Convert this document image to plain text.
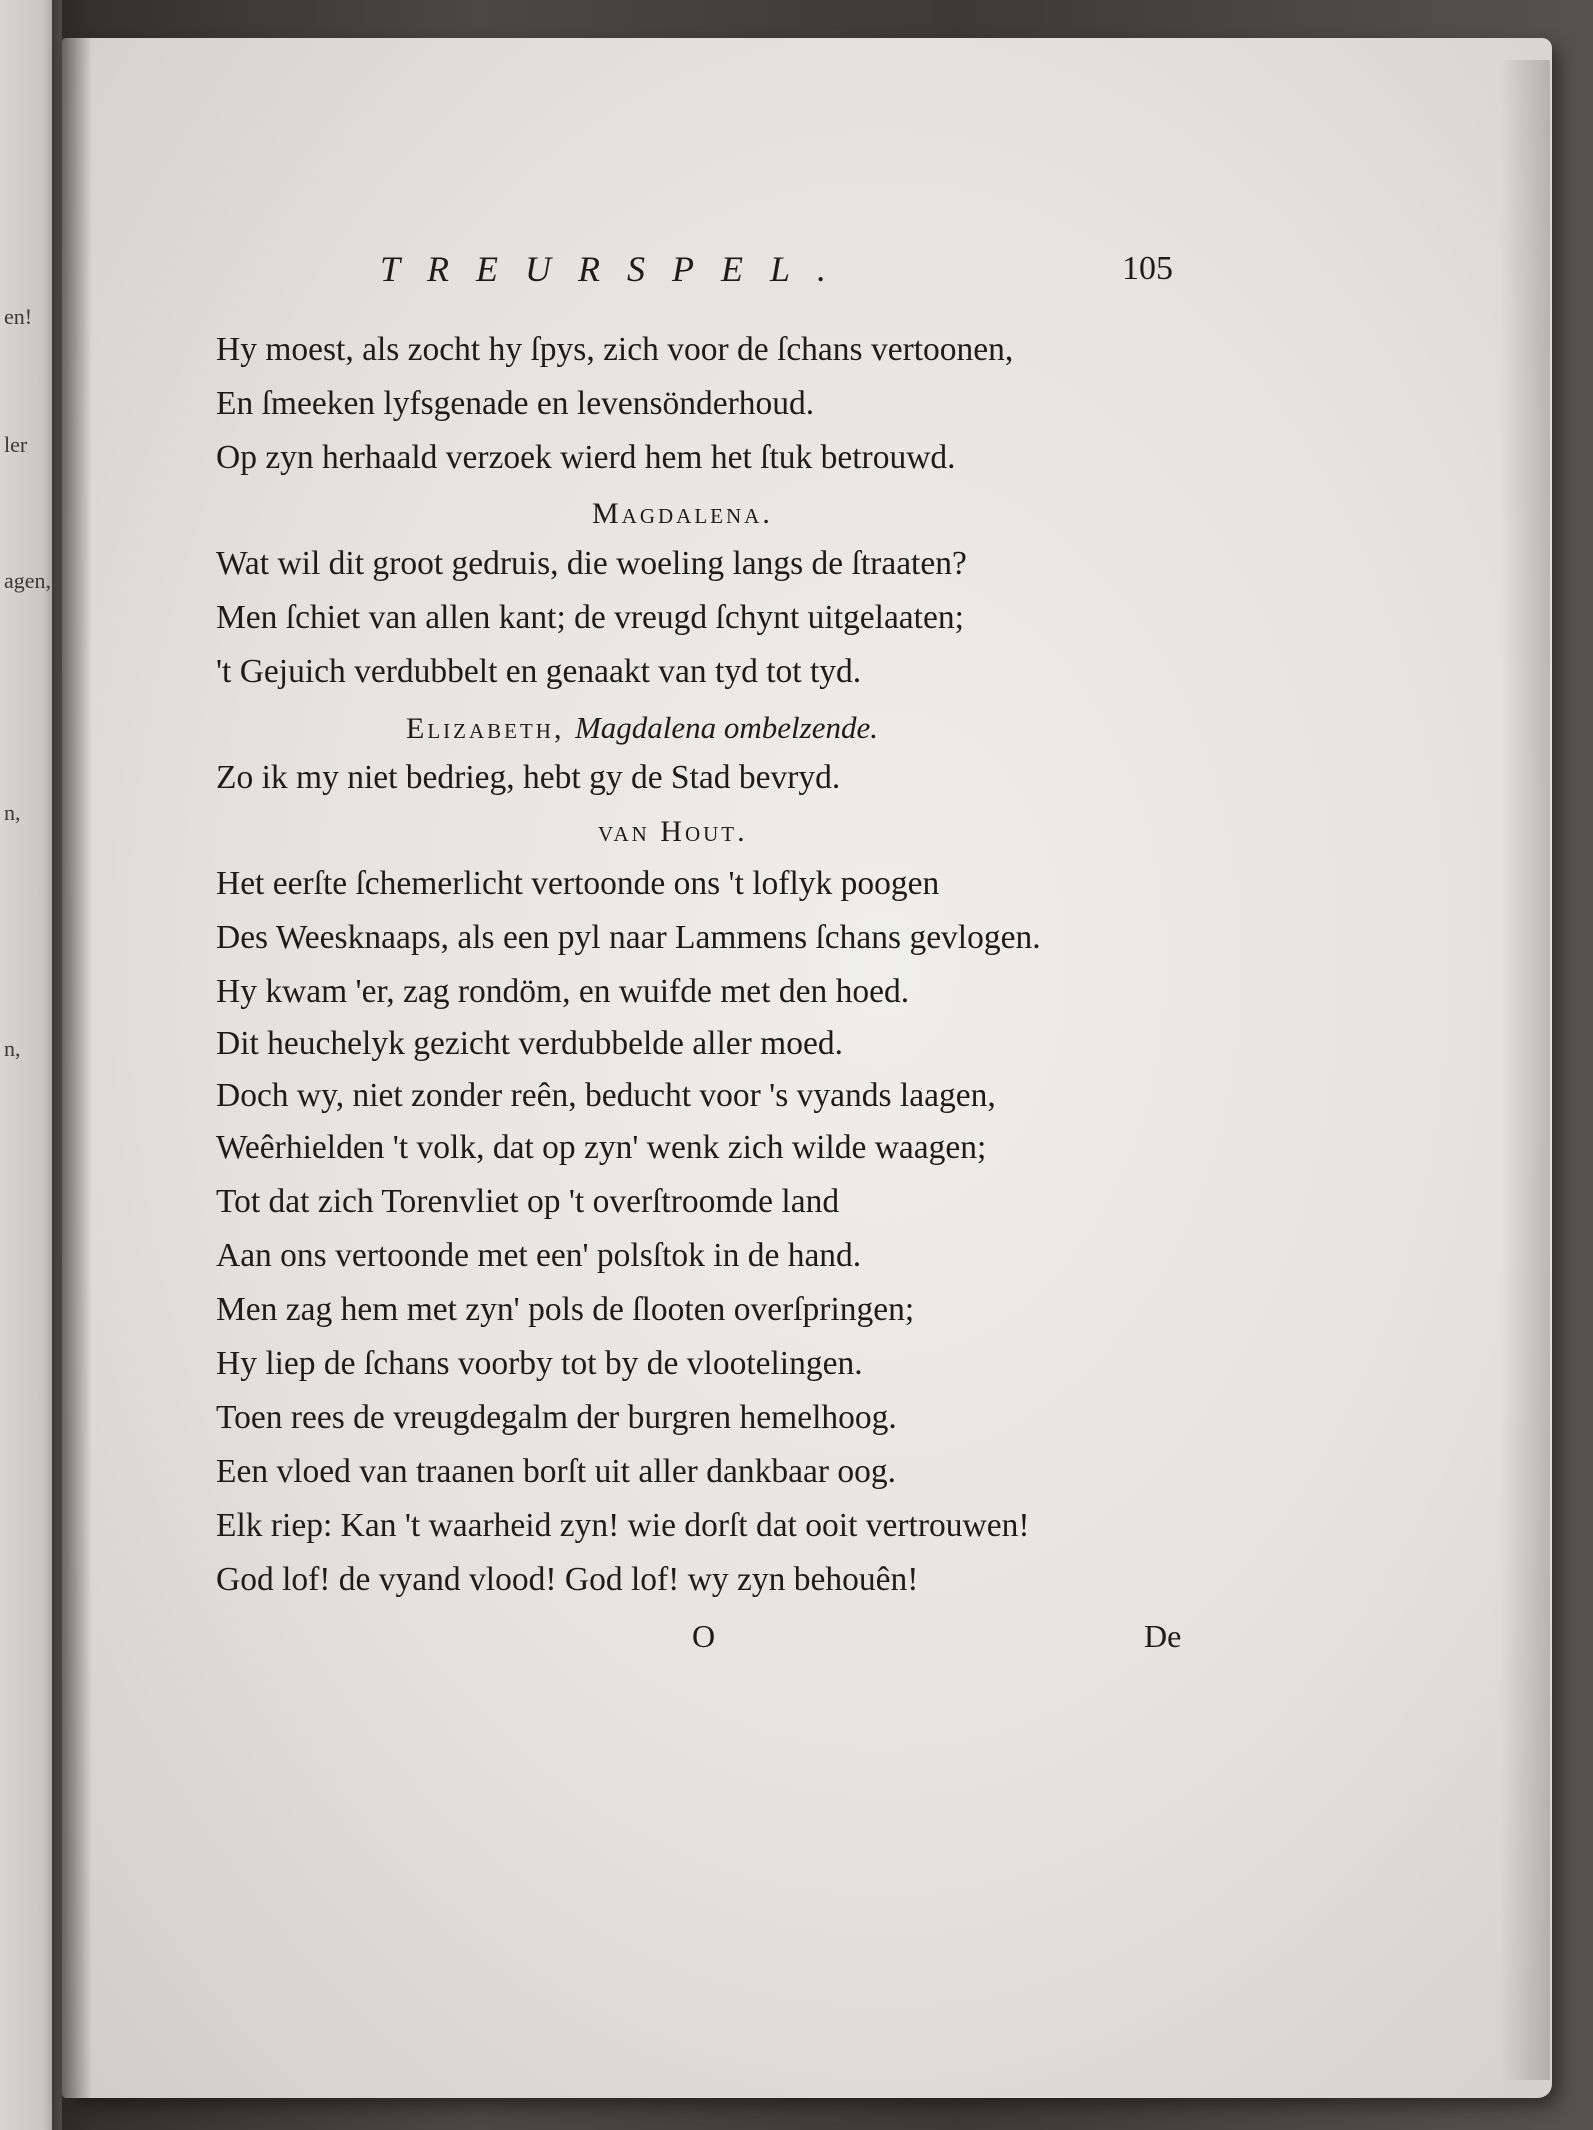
en!
ler
agen,
n,
n,
TREURSPEL.	105
Hy moest, als zocht hy ſpys, zich voor de ſchans vertoonen,
En ſmeeken lyfsgenade en levensönderhoud.
Op zyn herhaald verzoek wierd hem het ſtuk betrouwd.
Magdalena.
Wat wil dit groot gedruis, die woeling langs de ſtraaten?
Men ſchiet van allen kant; de vreugd ſchynt uitgelaaten;
't Gejuich verdubbelt en genaakt van tyd tot tyd.
Elizabeth, Magdalena ombelzende.
Zo ik my niet bedrieg, hebt gy de Stad bevryd.
van Hout.
Het eerſte ſchemerlicht vertoonde ons 't loflyk poogen
Des Weesknaaps, als een pyl naar Lammens ſchans gevlogen.
Hy kwam 'er, zag rondöm, en wuifde met den hoed.
Dit heuchelyk gezicht verdubbelde aller moed.
Doch wy, niet zonder reên, beducht voor 's vyands laagen,
Weêrhielden 't volk, dat op zyn' wenk zich wilde waagen;
Tot dat zich Torenvliet op 't overſtroomde land
Aan ons vertoonde met een' polsſtok in de hand.
Men zag hem met zyn' pols de ſlooten overſpringen;
Hy liep de ſchans voorby tot by de vlootelingen.
Toen rees de vreugdegalm der burgren hemelhoog.
Een vloed van traanen borſt uit aller dankbaar oog.
Elk riep: Kan 't waarheid zyn! wie dorſt dat ooit vertrouwen!
God lof! de vyand vlood! God lof! wy zyn behouên!
O	De
